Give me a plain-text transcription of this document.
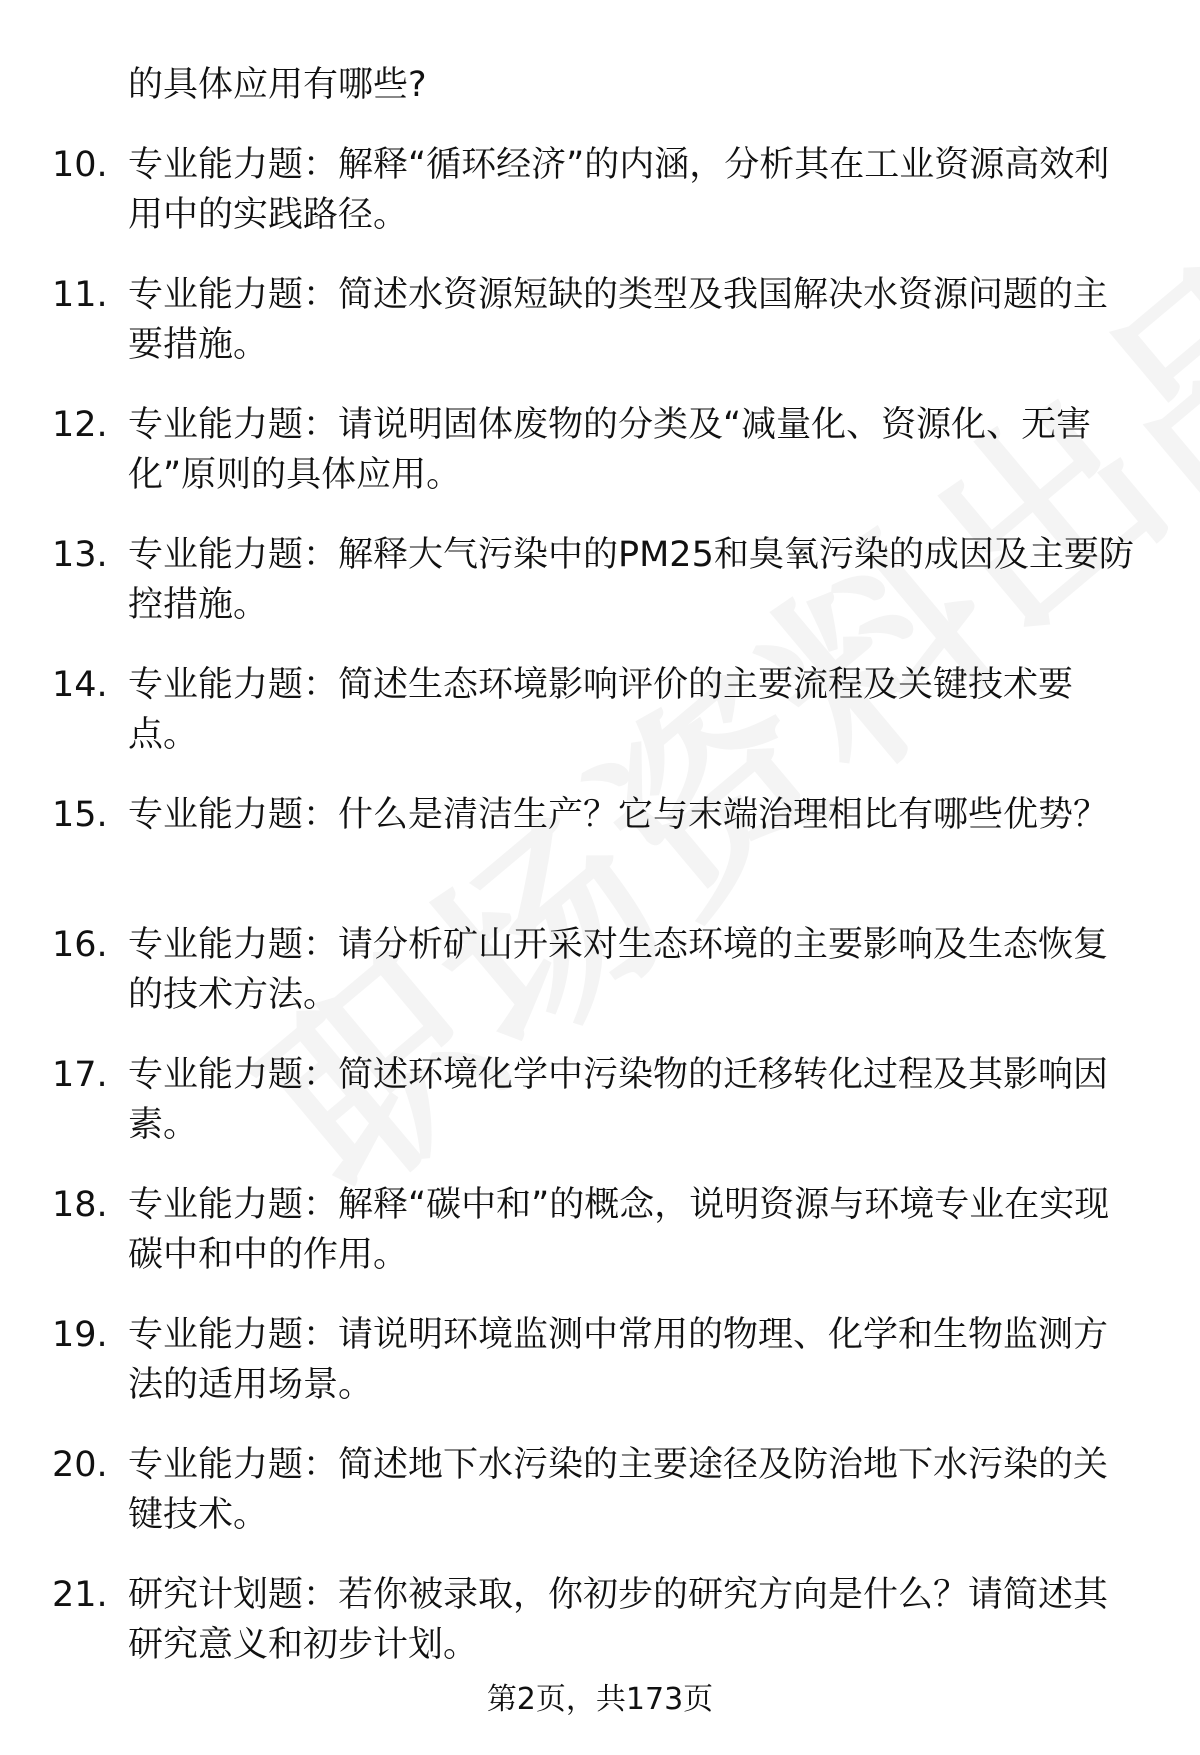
的具体应用有哪些?

10. 专业能力题：解释“循环经济”的内涵，分析其在工业资源高效利用中的实践路径。
11. 专业能力题：简述水资源短缺的类型及我国解决水资源问题的主要措施。
12. 专业能力题：请说明固体废物的分类及“减量化、资源化、无害化”原则的具体应用。
13. 专业能力题：解释大气污染中的PM25和臭氧污染的成因及主要防控措施。
14. 专业能力题：简述生态环境影响评价的主要流程及关键技术要点。
15. 专业能力题：什么是清洁生产？它与末端治理相比有哪些优势？
16. 专业能力题：请分析矿山开采对生态环境的主要影响及生态恢复的技术方法。
17. 专业能力题：简述环境化学中污染物的迁移转化过程及其影响因素。
18. 专业能力题：解释“碳中和”的概念，说明资源与环境专业在实现碳中和中的作用。
19. 专业能力题：请说明环境监测中常用的物理、化学和生物监测方法的适用场景。
20. 专业能力题：简述地下水污染的主要途径及防治地下水污染的关键技术。
21. 研究计划题：若你被录取，你初步的研究方向是什么？请简述其研究意义和初步计划。
第2页，共173页
